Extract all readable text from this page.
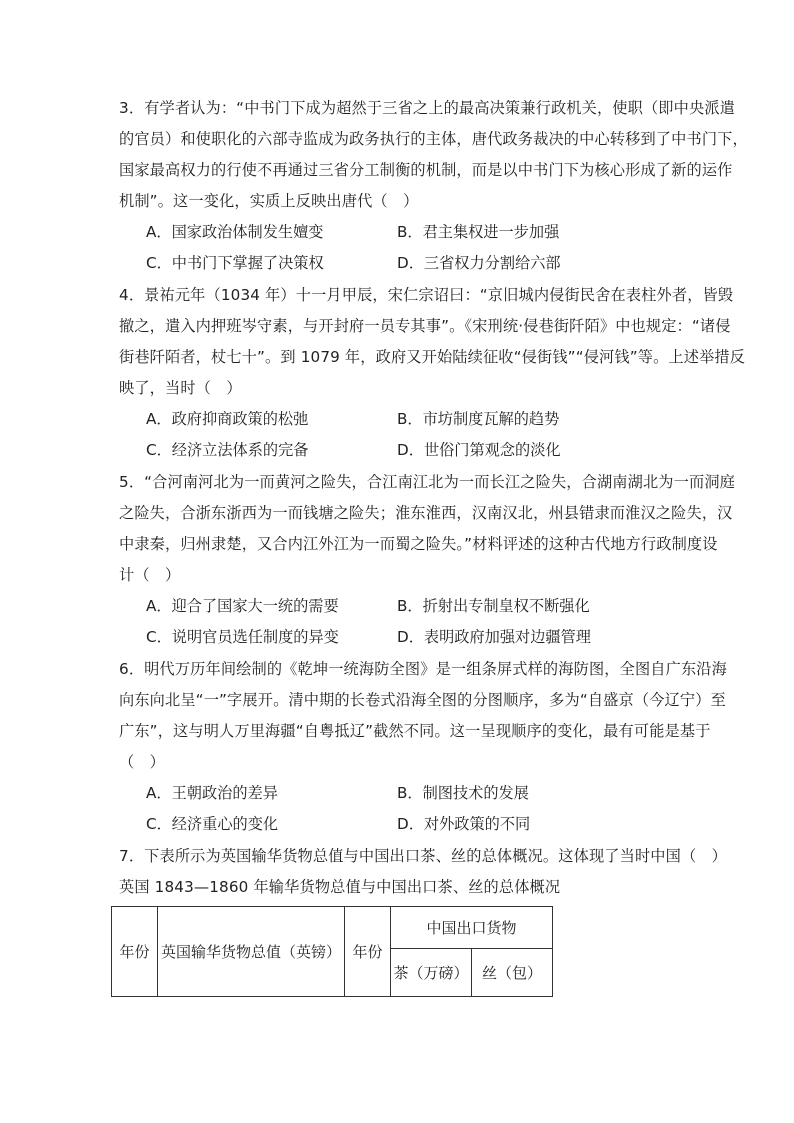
3．有学者认为：“中书门下成为超然于三省之上的最高决策兼行政机关，使职（即中央派遣
的官员）和使职化的六部寺监成为政务执行的主体，唐代政务裁决的中心转移到了中书门下，
国家最高权力的行使不再通过三省分工制衡的机制，而是以中书门下为核心形成了新的运作
机制”。这一变化，实质上反映出唐代（　）
A．国家政治体制发生嬗变	B．君主集权进一步加强
C．中书门下掌握了决策权	D．三省权力分割给六部
4．景祐元年（1034 年）十一月甲辰，宋仁宗诏曰：“京旧城内侵街民舍在表柱外者，皆毁
撤之，遣入内押班岑守素，与开封府一员专其事”。《宋刑统·侵巷街阡陌》中也规定：“诸侵
街巷阡陌者，杖七十”。到 1079 年，政府又开始陆续征收“侵街钱”“侵河钱”等。上述举措反
映了，当时（　）
A．政府抑商政策的松弛	B．市坊制度瓦解的趋势
C．经济立法体系的完备	D．世俗门第观念的淡化
5．“合河南河北为一而黄河之险失，合江南江北为一而长江之险失，合湖南湖北为一而洞庭
之险失，合浙东浙西为一而钱塘之险失；淮东淮西，汉南汉北，州县错隶而淮汉之险失，汉
中隶秦，归州隶楚，又合内江外江为一而蜀之险失。”材料评述的这种古代地方行政制度设
计（　）
A．迎合了国家大一统的需要	B．折射出专制皇权不断强化
C．说明官员选任制度的异变	D．表明政府加强对边疆管理
6．明代万历年间绘制的《乾坤一统海防全图》是一组条屏式样的海防图，全图自广东沿海
向东向北呈“一”字展开。清中期的长卷式沿海全图的分图顺序，多为“自盛京（今辽宁）至
广东”，这与明人万里海疆“自粤抵辽”截然不同。这一呈现顺序的变化，最有可能是基于
（　）
A．王朝政治的差异	B．制图技术的发展
C．经济重心的变化	D．对外政策的不同
7．下表所示为英国输华货物总值与中国出口茶、丝的总体概况。这体现了当时中国（　）
英国 1843—1860 年输华货物总值与中国出口茶、丝的总体概况
年份	英国输华货物总值（英镑）	年份	中国出口货物	
			茶（万磅）	丝（包）
